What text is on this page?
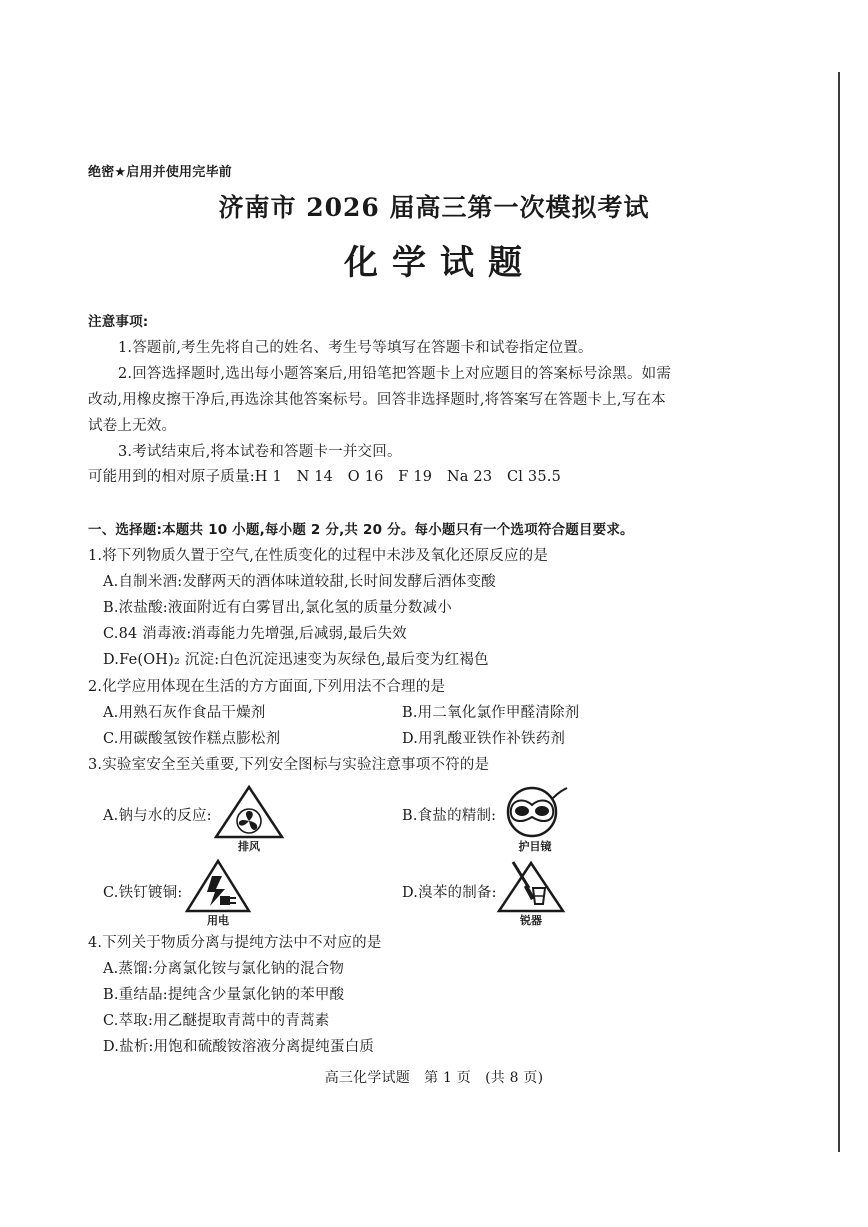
绝密★启用并使用完毕前
济南市 2026 届高三第一次模拟考试
化学试题
注意事项:
1.答题前,考生先将自己的姓名、考生号等填写在答题卡和试卷指定位置。
2.回答选择题时,选出每小题答案后,用铅笔把答题卡上对应题目的答案标号涂黑。如需
改动,用橡皮擦干净后,再选涂其他答案标号。回答非选择题时,将答案写在答题卡上,写在本
试卷上无效。
3.考试结束后,将本试卷和答题卡一并交回。
可能用到的相对原子质量:H 1　N 14　O 16　F 19　Na 23　Cl 35.5
一、选择题:本题共 10 小题,每小题 2 分,共 20 分。每小题只有一个选项符合题目要求。
1.将下列物质久置于空气,在性质变化的过程中未涉及氧化还原反应的是
A.自制米酒:发酵两天的酒体味道较甜,长时间发酵后酒体变酸
B.浓盐酸:液面附近有白雾冒出,氯化氢的质量分数减小
C.84 消毒液:消毒能力先增强,后减弱,最后失效
D.Fe(OH)₂ 沉淀:白色沉淀迅速变为灰绿色,最后变为红褐色
2.化学应用体现在生活的方方面面,下列用法不合理的是
A.用熟石灰作食品干燥剂	B.用二氧化氯作甲醛清除剂
C.用碳酸氢铵作糕点膨松剂	D.用乳酸亚铁作补铁药剂
3.实验室安全至关重要,下列安全图标与实验注意事项不符的是
A.钠与水的反应:
排风
B.食盐的精制:
护目镜
C.铁钉镀铜:
用电
D.溴苯的制备:
锐器
4.下列关于物质分离与提纯方法中不对应的是
A.蒸馏:分离氯化铵与氯化钠的混合物
B.重结晶:提纯含少量氯化钠的苯甲酸
C.萃取:用乙醚提取青蒿中的青蒿素
D.盐析:用饱和硫酸铵溶液分离提纯蛋白质
高三化学试题　第 1 页　(共 8 页)
